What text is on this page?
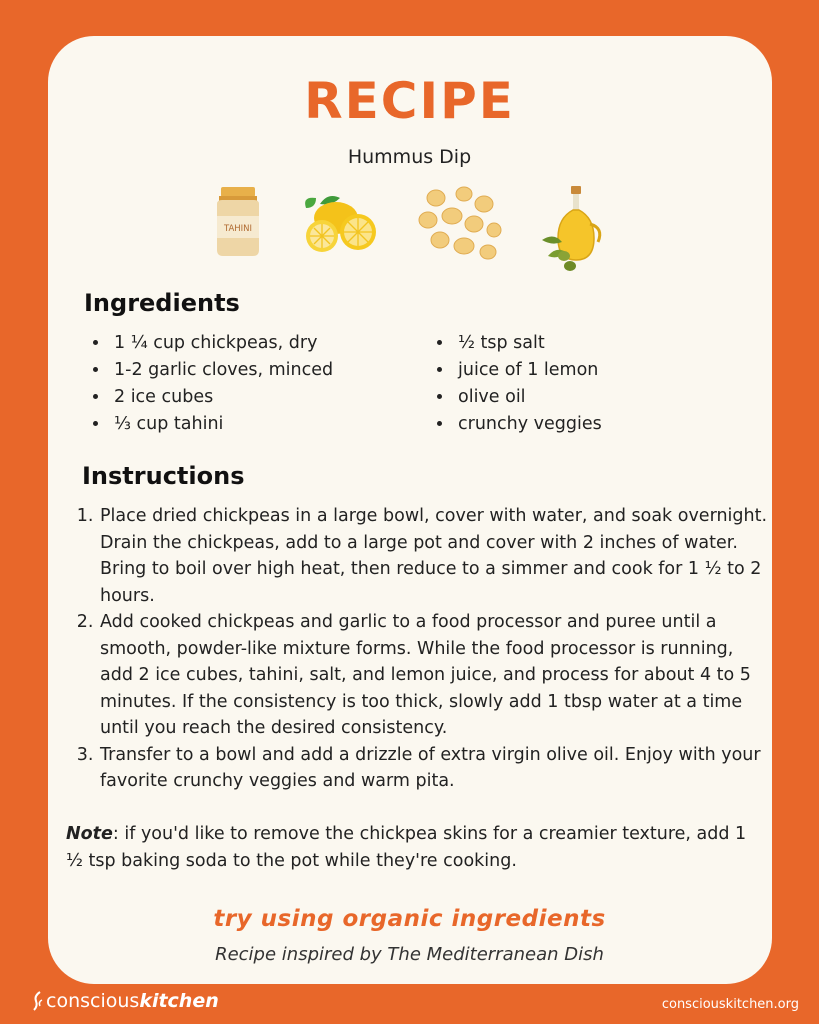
RECIPE
Hummus Dip
TAHINI
Ingredients
• 1 ¼ cup chickpeas, dry
• 1-2 garlic cloves, minced
• 2 ice cubes
• ⅓ cup tahini
• ½ tsp salt
• juice of 1 lemon
• olive oil
• crunchy veggies
Instructions
1. Place dried chickpeas in a large bowl, cover with water, and soak overnight. Drain the chickpeas, add to a large pot and cover with 2 inches of water. Bring to boil over high heat, then reduce to a simmer and cook for 1 ½ to 2 hours.
2. Add cooked chickpeas and garlic to a food processor and puree until a smooth, powder-like mixture forms. While the food processor is running, add 2 ice cubes, tahini, salt, and lemon juice, and process for about 4 to 5 minutes. If the consistency is too thick, slowly add 1 tbsp water at a time until you reach the desired consistency.
3. Transfer to a bowl and add a drizzle of extra virgin olive oil. Enjoy with your favorite crunchy veggies and warm pita.

Note: if you'd like to remove the chickpea skins for a creamier texture, add 1 ½ tsp baking soda to the pot while they're cooking.

try using organic ingredients
Recipe inspired by The Mediterranean Dish
conscious kitchen	consciouskitchen.org
